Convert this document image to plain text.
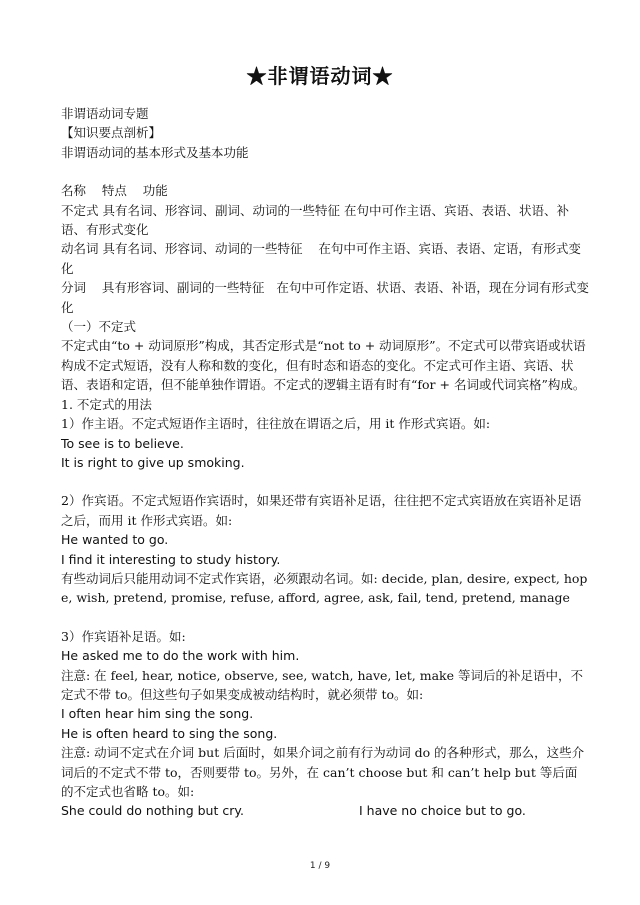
★非谓语动词★

非谓语动词专题

【知识要点剖析】

非谓语动词的基本形式及基本功能

名称    特点    功能

不定式 具有名词、形容词、副词、动词的一些特征 在句中可作主语、宾语、表语、状语、补语、有形式变化

动名词 具有名词、形容词、动词的一些特征    在句中可作主语、宾语、表语、定语，有形式变化

分词    具有形容词、副词的一些特征   在句中可作定语、状语、表语、补语，现在分词有形式变化

（一）不定式

不定式由“to + 动词原形”构成，其否定形式是“not to + 动词原形”。不定式可以带宾语或状语构成不定式短语，没有人称和数的变化，但有时态和语态的变化。不定式可作主语、宾语、状语、表语和定语，但不能单独作谓语。不定式的逻辑主语有时有“for + 名词或代词宾格”构成。

1. 不定式的用法

1）作主语。不定式短语作主语时，往往放在谓语之后，用 it 作形式宾语。如:

To see is to believe.

It is right to give up smoking.

2）作宾语。不定式短语作宾语时，如果还带有宾语补足语，往往把不定式宾语放在宾语补足语之后，而用 it 作形式宾语。如:

He wanted to go.

I find it interesting to study history.

有些动词后只能用动词不定式作宾语，必须跟动名词。如: decide, plan, desire, expect, hope, wish, pretend, promise, refuse, afford, agree, ask, fail, tend, pretend, manage

3）作宾语补足语。如:

He asked me to do the work with him.

注意: 在 feel, hear, notice, observe, see, watch, have, let, make 等词后的补足语中，不定式不带 to。但这些句子如果变成被动结构时，就必须带 to。如:

I often hear him sing the song.

He is often heard to sing the song.

注意: 动词不定式在介词 but 后面时，如果介词之前有行为动词 do 的各种形式，那么，这些介词后的不定式不带 to，否则要带 to。另外，在 can’t choose but 和 can’t help but 等后面的不定式也省略 to。如:

She could do nothing but cry.	I have no choice but to go.
1 / 9
